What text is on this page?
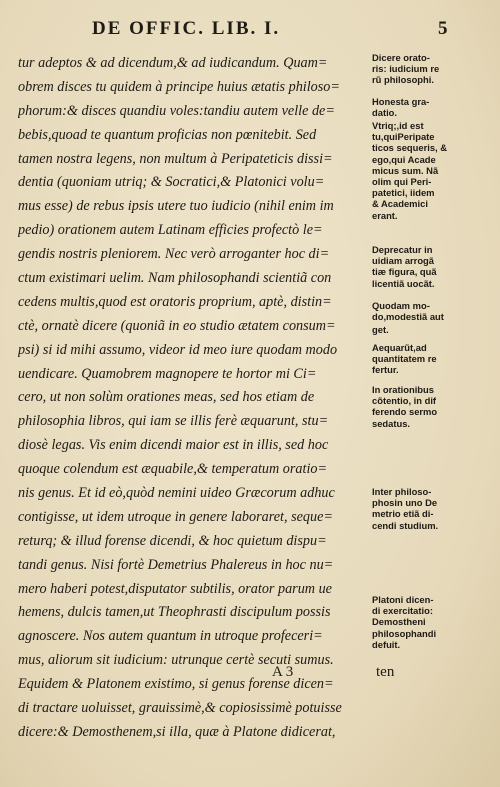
DE OFFIC. LIB. I.	5
tur adeptos & ad dicendum,& ad iudicandum. Quam=
obrem disces tu quidem à principe huius ætatis philoso=
phorum:& disces quandiu voles:tandiu autem velle de=
bebis,quoad te quantum proficias non pœnitebit. Sed
tamen nostra legens, non multum à Peripateticis dissi=
dentia (quoniam utriq; & Socratici,& Platonici volu=
mus esse) de rebus ipsis utere tuo iudicio (nihil enim im
pedio) orationem autem Latinam efficies profectò le=
gendis nostris pleniorem. Nec verò arroganter hoc di=
ctum existimari uelim. Nam philosophandi scientiã con
cedens multis,quod est oratoris proprium, aptè, distin=
ctè, ornatè dicere (quoniã in eo studio ætatem consum=
psi) si id mihi assumo, videor id meo iure quodam modo
uendicare. Quamobrem magnopere te hortor mi Ci=
cero, ut non solùm orationes meas, sed hos etiam de
philosophia libros, qui iam se illis ferè æquarunt, stu=
diosè legas. Vis enim dicendi maior est in illis, sed hoc
quoque colendum est æquabile,& temperatum oratio=
nis genus. Et id eò,quòd nemini uideo Græcorum adhuc
contigisse, ut idem utroque in genere laboraret, seque=
returq; & illud forense dicendi, & hoc quietum dispu=
tandi genus. Nisi fortè Demetrius Phalereus in hoc nu=
mero haberi potest,disputator subtilis, orator parum ue
hemens, dulcis tamen,ut Theophrasti discipulum possis
agnoscere. Nos autem quantum in utroque profeceri=
mus, aliorum sit iudicium: utrunque certè secuti sumus.
Equidem & Platonem existimo, si genus forense dicen=
di tractare uoluisset, grauissimè,& copiosissimè potuisse
dicere:& Demosthenem,si illa, quæ à Platone didicerat,
Dicere orato-
ris: iudicium re
rũ philosophi.
Honesta gra-
datio.
Vtriq;,id est
tu,quiPeripate
ticos sequeris, &
ego,qui Acade
micus sum. Nã
olim qui Peri-
patetici, iidem
& Academici
erant.
Deprecatur in
uidiam arrogã
tiæ figura, quã
licentiã uocãt.
Quodam mo-
do,modestiã aut
get.
Aequarũt,ad
quantitatem re
fertur.
In orationibus
cõtentio, in dif
ferendo sermo
sedatus.
Inter philoso-
phosin uno De
metrio etiã di-
cendi studium.
Platoni dicen-
di exercitatio:
Demostheni
philosophandi
defuit.
A 3	ten
